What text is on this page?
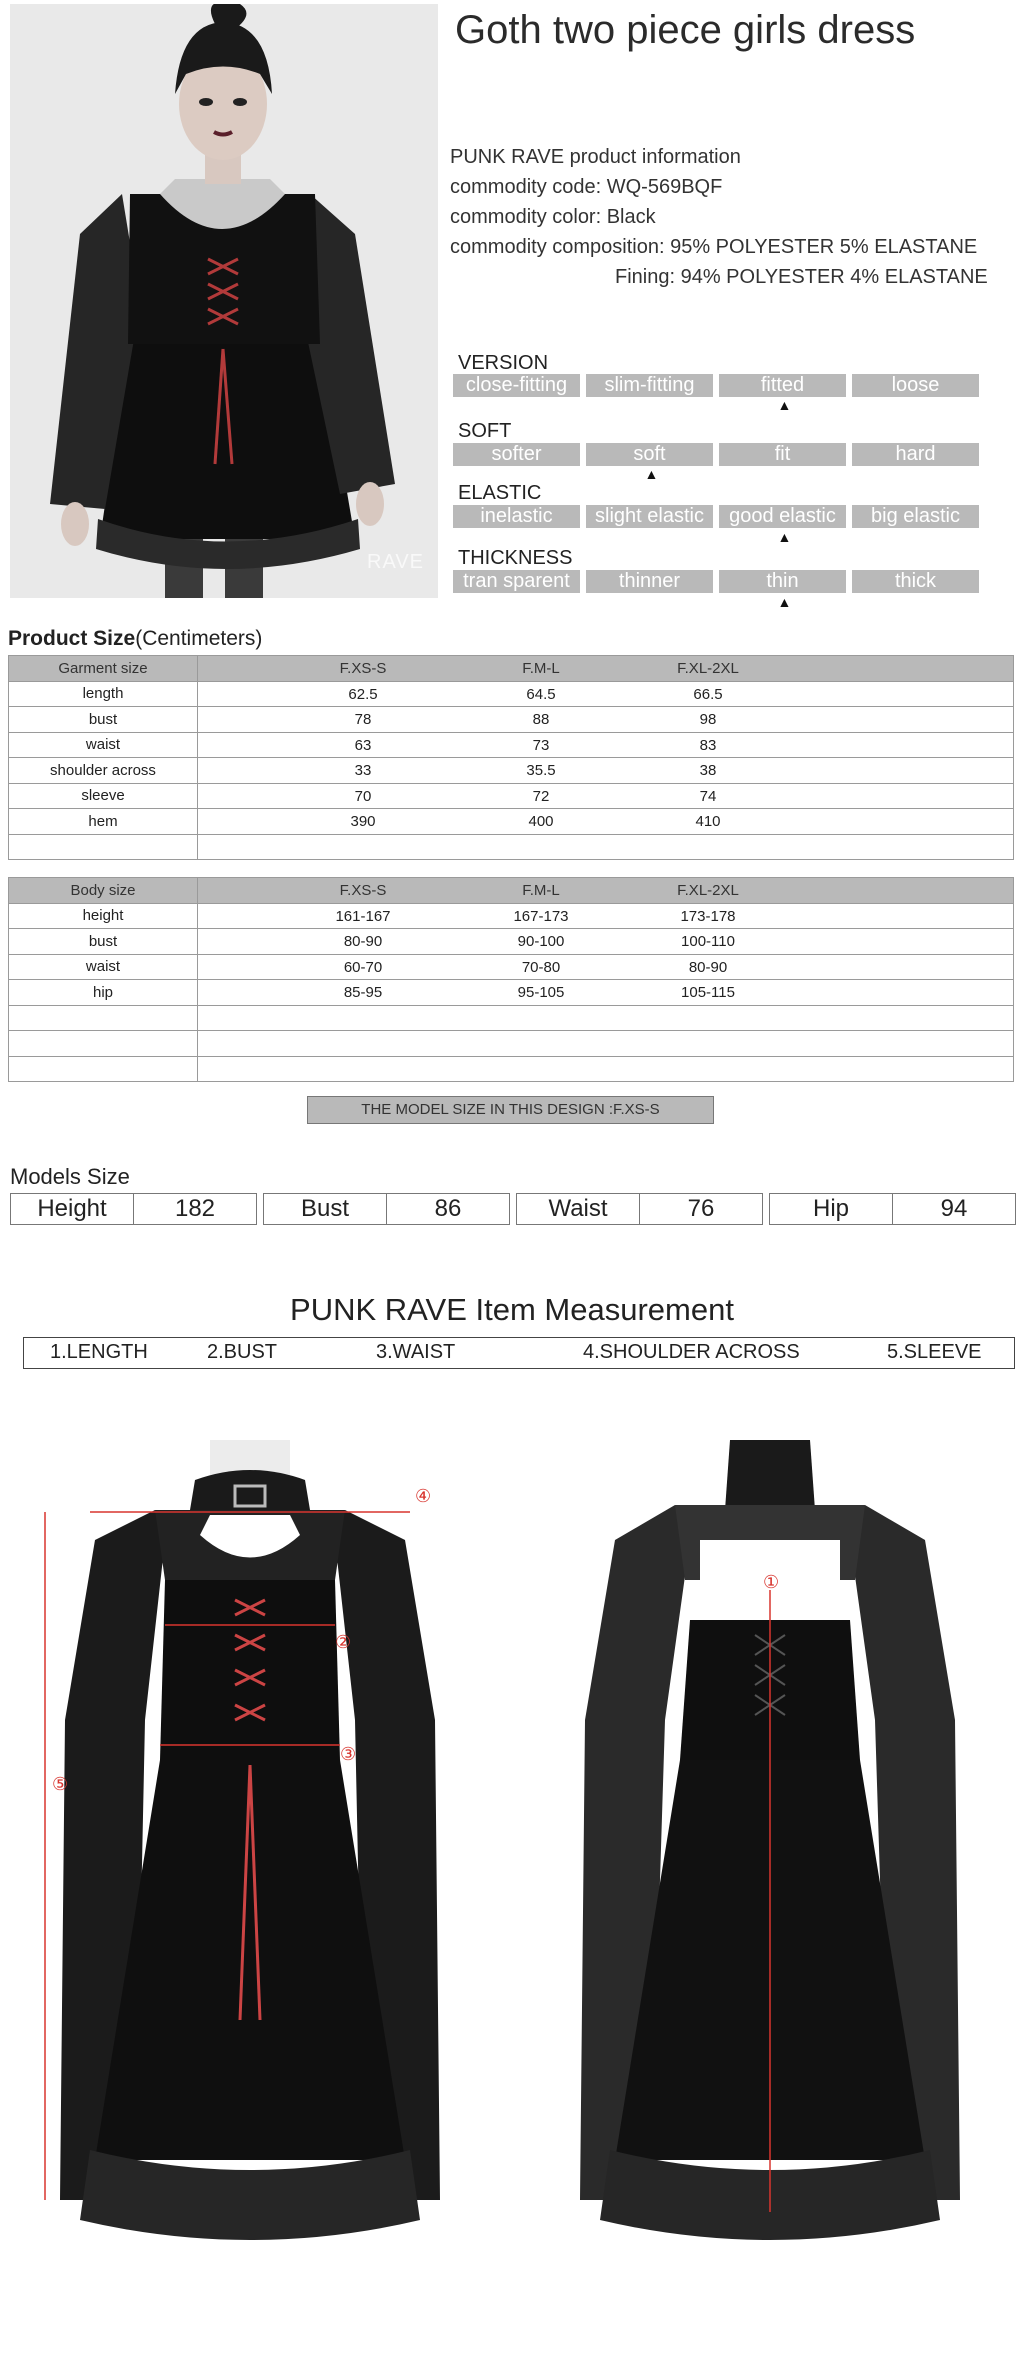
RAVE
Goth two piece girls dress
PUNK RAVE product information
commodity code: WQ-569BQF
commodity color: Black
commodity composition: 95% POLYESTER 5% ELASTANE
Fining: 94% POLYESTER 4% ELASTANE
VERSION
close-fitting	slim-fitting	fitted	loose
▲
SOFT
softer	soft	fit	hard
▲
ELASTIC
inelastic	slight elastic	good elastic	big elastic
▲
THICKNESS
tran sparent	thinner	thin	thick
▲
Product Size(Centimeters)
Garment size	F.XS-S F.M-L F.XL-2XL

length	62.5 64.5 66.5

bust	78 88 98

waist	63 73 83

shoulder across	33 35.5 38

sleeve	70 72 74

hem	390 400 410

Body size	F.XS-S F.M-L F.XL-2XL

height	161-167 167-173 173-178

bust	80-90 90-100 100-110

waist	60-70 70-80 80-90

hip	85-95 95-105 105-115

THE MODEL SIZE IN THIS DESIGN :F.XS-S
Models Size
Height	182	Bust	86	Waist	76	Hip	94
PUNK RAVE Item Measurement
1.LENGTH	2.BUST	3.WAIST	4.SHOULDER ACROSS	5.SLEEVE
②
③
④
⑤
①
